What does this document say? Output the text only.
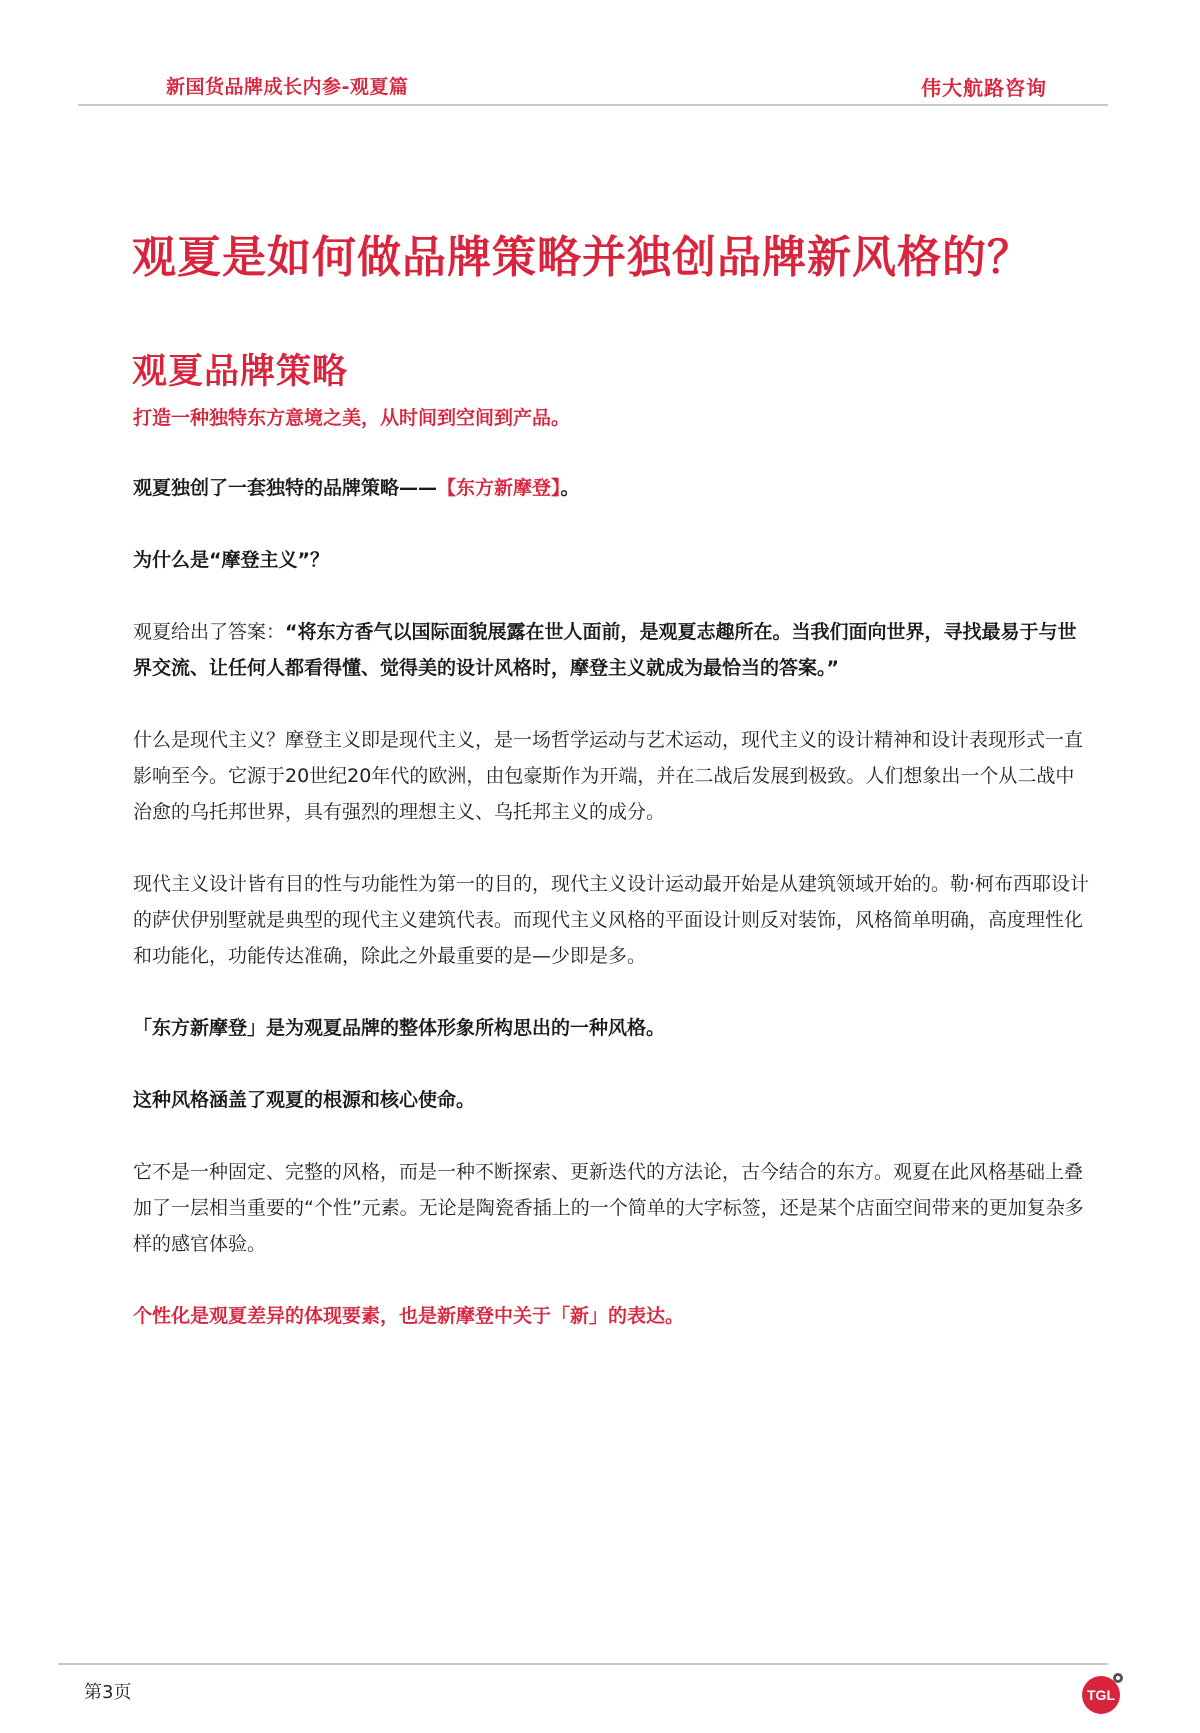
新国货品牌成长内参-观夏篇	伟大航路咨询
观夏是如何做品牌策略并独创品牌新风格的？
观夏品牌策略
打造一种独特东方意境之美，从时间到空间到产品。

观夏独创了一套独特的品牌策略——【东方新摩登】。

为什么是“摩登主义”？

观夏给出了答案：“将东方香气以国际面貌展露在世人面前，是观夏志趣所在。当我们面向世界，寻找最易于与世界交流、让任何人都看得懂、觉得美的设计风格时，摩登主义就成为最恰当的答案。”

什么是现代主义？摩登主义即是现代主义，是一场哲学运动与艺术运动，现代主义的设计精神和设计表现形式一直影响至今。它源于20世纪20年代的欧洲，由包豪斯作为开端，并在二战后发展到极致。人们想象出一个从二战中治愈的乌托邦世界，具有强烈的理想主义、乌托邦主义的成分。

现代主义设计皆有目的性与功能性为第一的目的，现代主义设计运动最开始是从建筑领域开始的。勒·柯布西耶设计的萨伏伊别墅就是典型的现代主义建筑代表。而现代主义风格的平面设计则反对装饰，风格简单明确，高度理性化和功能化，功能传达准确，除此之外最重要的是—少即是多。

「东方新摩登」是为观夏品牌的整体形象所构思出的一种风格。

这种风格涵盖了观夏的根源和核心使命。

它不是一种固定、完整的风格，而是一种不断探索、更新迭代的方法论，古今结合的东方。观夏在此风格基础上叠加了一层相当重要的“个性”元素。无论是陶瓷香插上的一个简单的大字标签，还是某个店面空间带来的更加复杂多样的感官体验。

个性化是观夏差异的体现要素，也是新摩登中关于「新」的表达。

第3页	TGL
